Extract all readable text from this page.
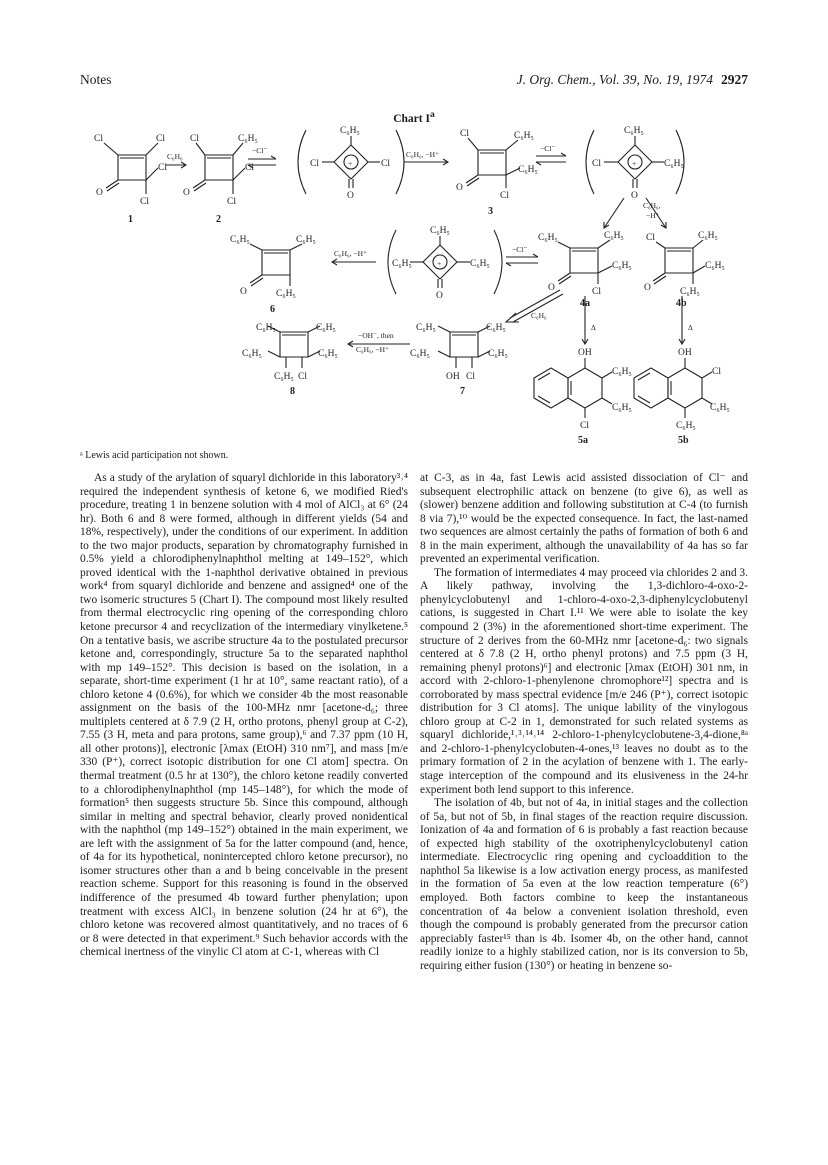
Notes	J. Org. Chem., Vol. 39, No. 19, 1974 2927
Chart $I^a$
Cl	Cl
Cl
Cl
O
1
C₆H₆
Cl	C₆H₅
Cl
Cl
O
2
−Cl⁻
C₆H₅
Cl	Cl
O
+
C₆H₆, −H⁺
Cl	C₆H₅
C₆H₅
Cl
O
3
−Cl⁻
C₆H₅
Cl	C₆H₅
O
+
C₆H₆,
−H⁺
C₆H₅	C₆H₅
C₆H₅
Cl
O
4a
Cl	C₆H₅
C₆H₅
C₆H₅
O
4b
−Cl⁻
C₆H₅
C₆H₅	C₆H₅
O
+
C₆H₆, −H⁺
C₆H₅	C₆H₅
C₆H₅
O
6
C₆H₅	C₆H₅
C₆H₅	C₆H₅
OH Cl
7
C₆H₆
C₆H₅	C₆H₅
C₆H₅	C₆H₅
C₆H₅ Cl
8
−OH⁻, then
C₆H₆, −H⁺
Δ	Δ
OH
C₆H₅
C₆H₅
Cl
5a
OH
Cl
C₆H₅
C₆H₅
5b
ᵃ Lewis acid participation not shown.

As a study of the arylation of squaryl dichloride in this laboratory³˒⁴ required the independent synthesis of ketone 6, we modified Ried's procedure, treating 1 in benzene solution with 4 mol of AlCl₃ at 6° (24 hr). Both 6 and 8 were formed, although in different yields (54 and 18%, respectively), under the conditions of our experiment. In addition to the two major products, separation by chromatography furnished in 0.5% yield a chlorodiphenylnaphthol melting at 149–152°, which proved identical with the 1-naphthol derivative obtained in previous work⁴ from squaryl dichloride and benzene and assigned⁴ one of the two isomeric structures 5 (Chart I). The compound most likely resulted from thermal electrocyclic ring opening of the corresponding chloro ketone precursor 4 and recyclization of the intermediary vinylketene.⁵ On a tentative basis, we ascribe structure 4a to the postulated precursor ketone and, correspondingly, structure 5a to the separated naphthol with mp 149–152°. This decision is based on the isolation, in a separate, short-time experiment (1 hr at 10°, same reactant ratio), of a chloro ketone 4 (0.6%), for which we consider 4b the most reasonable assignment on the basis of the 100-MHz nmr [acetone-d₆; three multiplets centered at δ 7.9 (2 H, ortho protons, phenyl group at C-2), 7.55 (3 H, meta and para protons, same group),⁶ and 7.37 ppm (10 H, all other protons)], electronic [λmax (EtOH) 310 nm⁷], and mass [m/e 330 (P⁺), correct isotopic distribution for one Cl atom] spectra. On thermal treatment (0.5 hr at 130°), the chloro ketone readily converted to a chlorodiphenylnaphthol (mp 145–148°), for which the mode of formation⁵ then suggests structure 5b. Since this compound, although similar in melting and spectral behavior, clearly proved nonidentical with the naphthol (mp 149–152°) obtained in the main experiment, we are left with the assignment of 5a for the latter compound (and, hence, of 4a for its hypothetical, nonintercepted chloro ketone precursor), no isomer structures other than a and b being conceivable in the present reaction scheme. Support for this reasoning is found in the observed indifference of the presumed 4b toward further phenylation; upon treatment with excess AlCl₃ in benzene solution (24 hr at 6°), the chloro ketone was recovered almost quantitatively, and no traces of 6 or 8 were detected in that experiment.⁹ Such behavior accords with the chemical inertness of the vinylic Cl atom at C-1, whereas with Cl

at C-3, as in 4a, fast Lewis acid assisted dissociation of Cl⁻ and subsequent electrophilic attack on benzene (to give 6), as well as (slower) benzene addition and following substitution at C-4 (to furnish 8 via 7),¹⁰ would be the expected consequence. In fact, the last-named two sequences are almost certainly the paths of formation of both 6 and 8 in the main experiment, although the unavailability of 4a has so far prevented an experimental verification.

The formation of intermediates 4 may proceed via chlorides 2 and 3. A likely pathway, involving the 1,3-dichloro-4-oxo-2-phenylcyclobutenyl and 1-chloro-4-oxo-2,3-diphenylcyclobutenyl cations, is suggested in Chart I.¹¹ We were able to isolate the key compound 2 (3%) in the aforementioned short-time experiment. The structure of 2 derives from the 60-MHz nmr [acetone-d₆: two signals centered at δ 7.8 (2 H, ortho phenyl protons) and 7.5 ppm (3 H, remaining phenyl protons)⁶] and electronic [λmax (EtOH) 301 nm, in accord with 2-chloro-1-phenylenone chromophore¹²] spectra and is corroborated by mass spectral evidence [m/e 246 (P⁺), correct isotopic distribution for 3 Cl atoms]. The unique lability of the vinylogous chloro group at C-2 in 1, demonstrated for such related systems as squaryl dichloride,¹˒³˒¹⁴˒¹⁴ 2-chloro-1-phenylcyclobutene-3,4-dione,⁸ᵃ and 2-chloro-1-phenylcyclobuten-4-ones,¹³ leaves no doubt as to the primary formation of 2 in the acylation of benzene with 1. The early-stage interception of the compound and its elusiveness in the 24-hr experiment both lend support to this inference.

The isolation of 4b, but not of 4a, in initial stages and the collection of 5a, but not of 5b, in final stages of the reaction require discussion. Ionization of 4a and formation of 6 is probably a fast reaction because of expected high stability of the oxotriphenylcyclobutenyl cation intermediate. Electrocyclic ring opening and cycloaddition to the naphthol 5a likewise is a low activation energy process, as manifested in the formation of 5a even at the low reaction temperature (6°) employed. Both factors combine to keep the instantaneous concentration of 4a below a convenient isolation threshold, even though the compound is probably generated from the precursor cation appreciably faster¹⁵ than is 4b. Isomer 4b, on the other hand, cannot readily ionize to a highly stabilized cation, nor is its conversion to 5b, requiring either fusion (130°) or heating in benzene so-
